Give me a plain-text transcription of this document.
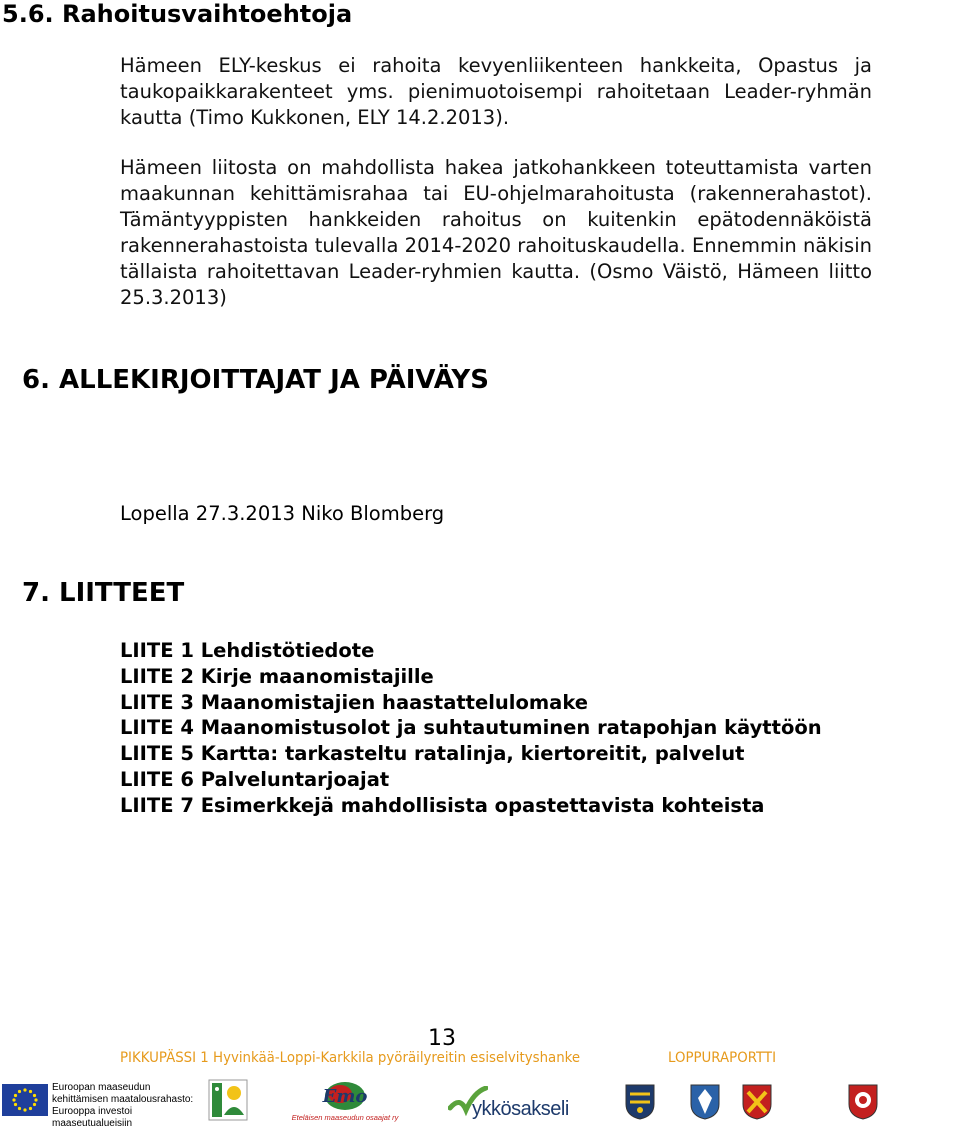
5.6. Rahoitusvaihtoehtoja

Hämeen ELY-keskus ei rahoita kevyenliikenteen hankkeita, Opastus ja taukopaikkarakenteet yms. pienimuotoisempi rahoitetaan Leader-ryhmän kautta (Timo Kukkonen, ELY 14.2.2013).

Hämeen liitosta on mahdollista hakea jatkohankkeen toteuttamista varten maakunnan kehittämisrahaa tai EU-ohjelmarahoitusta (rakennerahastot). Tämäntyyppisten hankkeiden rahoitus on kuitenkin epätodennäköistä rakennerahastoista tulevalla 2014-2020 rahoituskaudella. Ennemmin näkisin tällaista rahoitettavan Leader-ryhmien kautta. (Osmo Väistö, Hämeen liitto 25.3.2013)

6. ALLEKIRJOITTAJAT JA PÄIVÄYS

Lopella 27.3.2013 Niko Blomberg

7. LIITTEET
LIITE 1 Lehdistötiedote
LIITE 2 Kirje maanomistajille
LIITE 3 Maanomistajien haastattelulomake
LIITE 4 Maanomistusolot ja suhtautuminen ratapohjan käyttöön
LIITE 5 Kartta: tarkasteltu ratalinja, kiertoreitit, palvelut
LIITE 6 Palveluntarjoajat
LIITE 7 Esimerkkejä mahdollisista opastettavista kohteista

13

PIKKUPÄSSI 1 Hyvinkää-Loppi-Karkkila pyöräilyreitin esiselvityshanke	LOPPURAPORTTI
Euroopan maaseudun
kehittämisen maatalousrahasto:
Eurooppa investoi maaseutualueisiin
Emo
Eteläisen maaseudun osaajat ry	ykkösakseli
